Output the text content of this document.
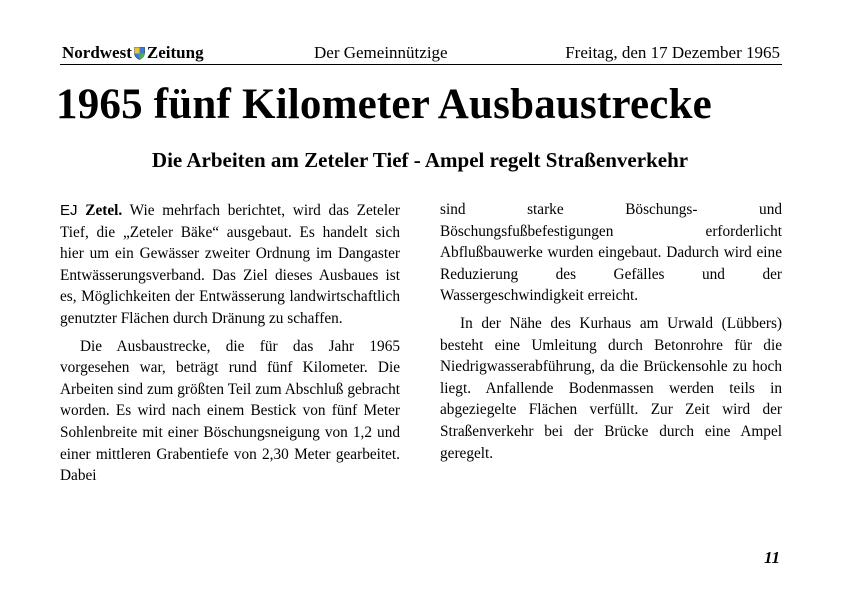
Nordwest Zeitung	Der Gemeinnützige	Freitag, den 17 Dezember 1965
1965 fünf Kilometer Ausbaustrecke
Die Arbeiten am Zeteler Tief - Ampel regelt Straßenverkehr

EJ Zetel. Wie mehrfach berichtet, wird das Zeteler Tief, die „Zeteler Bäke“ ausgebaut. Es handelt sich hier um ein Gewässer zweiter Ordnung im Dangaster Entwässerungsverband. Das Ziel dieses Ausbaues ist es, Möglichkeiten der Entwässerung landwirtschaftlich genutzter Flächen durch Dränung zu schaffen.

Die Ausbaustrecke, die für das Jahr 1965 vorgesehen war, beträgt rund fünf Kilometer. Die Arbeiten sind zum größten Teil zum Abschluß gebracht worden. Es wird nach einem Bestick von fünf Meter Sohlenbreite mit einer Böschungsneigung von 1,2 und einer mittleren Grabentiefe von 2,30 Meter gearbeitet. Dabei

sind starke Böschungs- und Böschungsfußbefestigungen erforderlicht Abflußbauwerke wurden eingebaut. Dadurch wird eine Reduzierung des Gefälles und der Wassergeschwindigkeit erreicht.

In der Nähe des Kurhaus am Urwald (Lübbers) besteht eine Umleitung durch Betonrohre für die Niedrigwasserabführung, da die Brückensohle zu hoch liegt. Anfallende Bodenmassen werden teils in abgeziegelte Flächen verfüllt. Zur Zeit wird der Straßenverkehr bei der Brücke durch eine Ampel geregelt.

11
